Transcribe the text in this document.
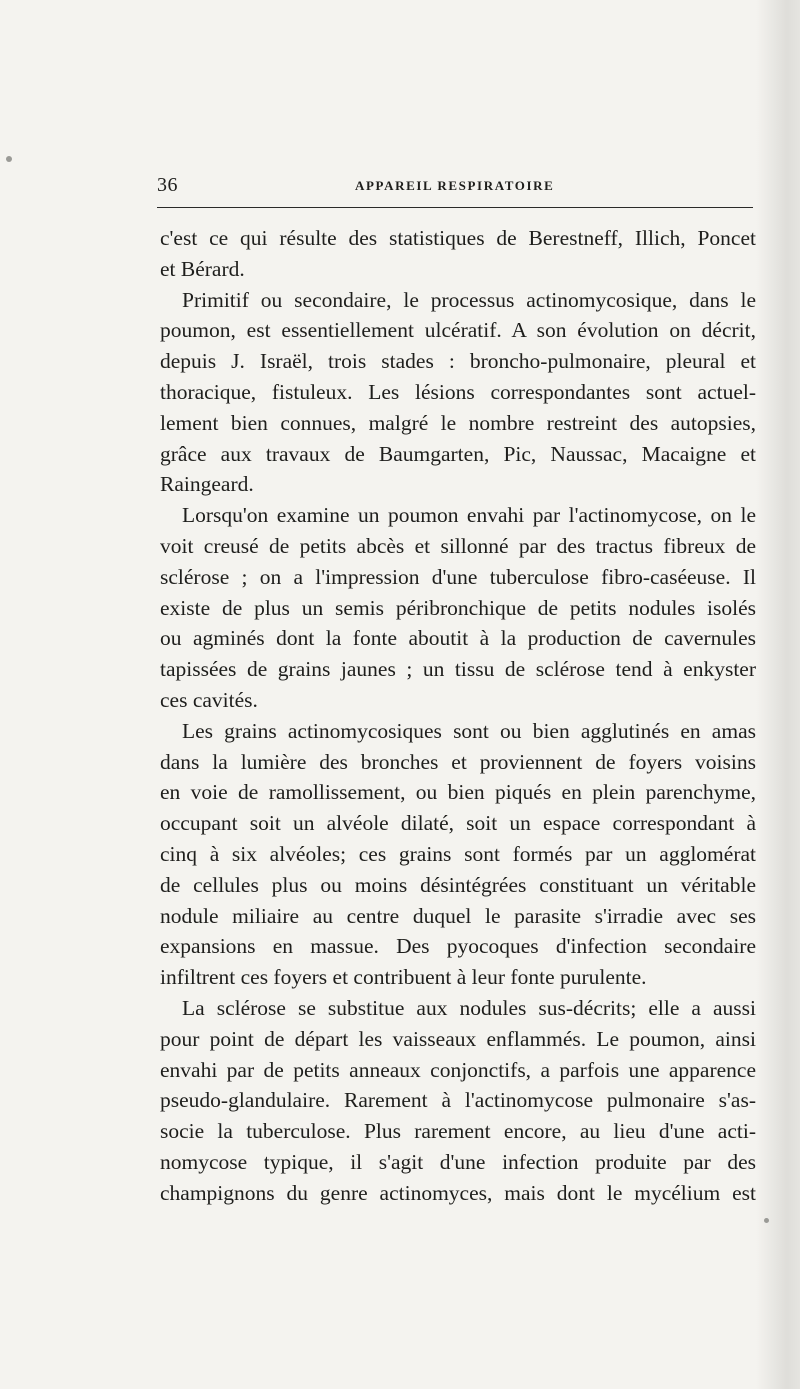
36	APPAREIL RESPIRATOIRE
c'est ce qui résulte des statistiques de Berestneff, Illich, Poncet
et Bérard.
Primitif ou secondaire, le processus actinomycosique, dans le
poumon, est essentiellement ulcératif. A son évolution on décrit,
depuis J. Israël, trois stades : broncho-pulmonaire, pleural et
thoracique, fistuleux. Les lésions correspondantes sont actuel-
lement bien connues, malgré le nombre restreint des autopsies,
grâce aux travaux de Baumgarten, Pic, Naussac, Macaigne et
Raingeard.
Lorsqu'on examine un poumon envahi par l'actinomycose, on le
voit creusé de petits abcès et sillonné par des tractus fibreux de
sclérose ; on a l'impression d'une tuberculose fibro-caséeuse. Il
existe de plus un semis péribronchique de petits nodules isolés
ou agminés dont la fonte aboutit à la production de cavernules
tapissées de grains jaunes ; un tissu de sclérose tend à enkyster
ces cavités.
Les grains actinomycosiques sont ou bien agglutinés en amas
dans la lumière des bronches et proviennent de foyers voisins
en voie de ramollissement, ou bien piqués en plein parenchyme,
occupant soit un alvéole dilaté, soit un espace correspondant à
cinq à six alvéoles; ces grains sont formés par un agglomérat
de cellules plus ou moins désintégrées constituant un véritable
nodule miliaire au centre duquel le parasite s'irradie avec ses
expansions en massue. Des pyocoques d'infection secondaire
infiltrent ces foyers et contribuent à leur fonte purulente.
La sclérose se substitue aux nodules sus-décrits; elle a aussi
pour point de départ les vaisseaux enflammés. Le poumon, ainsi
envahi par de petits anneaux conjonctifs, a parfois une apparence
pseudo-glandulaire. Rarement à l'actinomycose pulmonaire s'as-
socie la tuberculose. Plus rarement encore, au lieu d'une acti-
nomycose typique, il s'agit d'une infection produite par des
champignons du genre actinomyces, mais dont le mycélium est
